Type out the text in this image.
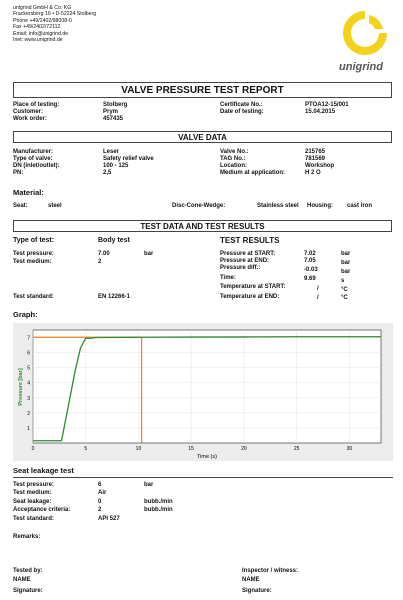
unigrind GmbH & Co. KG
Frackersberg 16 • D-52224 Stolberg
Phone +49/2402/98008-0
Fax +49/2402/72112
Email: info@unigrind.de
Inet: www.unigrind.de
unigrind
VALVE PRESSURE TEST REPORT
Place of testing:	Stolberg
Customer:	Prym
Work order:	457435
Certificate No.:	PTOA12-15/001
Date of testing:	15.04.2015
VALVE DATA
Manufacturer:	Leser
Type of valve:	Safety relief valve
DN (inlet/outlet):	100 - 125
PN:	2,5
Valve No.:	215765
TAG No.:	781569
Location:	Workshop
Medium at application:	H 2 O
Material:
Seat:	steel	Disc-Cone-Wedge:	Stainless steel Housing: cast iron
TEST DATA AND TEST RESULTS
Type of test:	Body test	TEST RESULTS
Test pressure:	7.00	bar
Test medium:	2
Test standard:	EN 12266-1
Pressure at START:	7.02	bar
Pressure at END:	7.05	bar
Pressure diff.:	-0.03	bar
Time:	9.69	s
Temperature at START:	/	°C
Temperature at END:	/	°C
Graph:
1
2
3
4
5
6
7
0	5	10	15	20	25	30
Pressure [bar]
Time (s)
Seat leakage test
Test pressure:	6	bar
Test medium:	Air
Seat leakage:	0	bubb./min
Acceptance criteria:	2	bubb./min
Test standard:	API 527
Remarks:
Tested by:
NAME
Signature:
Inspector / witness:
NAME
Signature:
